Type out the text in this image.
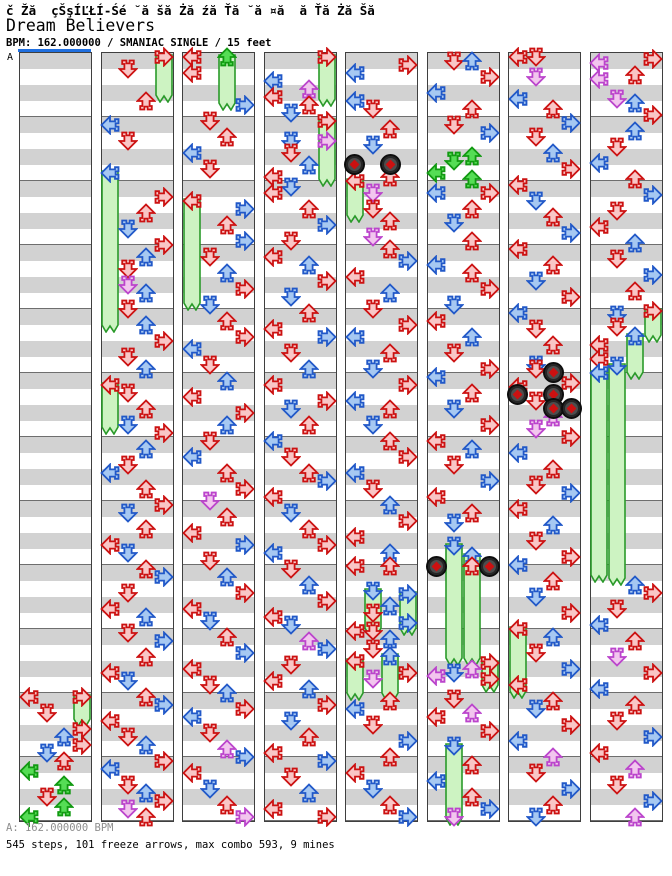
č Žă  çŠşÍĽŁÍ-Śé ˘ă šă Żă źă Ťă ˘ă ¤ă  ă Ťă Żă Šă
Dream Believers
BPM: 162.000000 / SMANIAC SINGLE / 15 feet
A
A: 162.000000 BPM
545 steps, 101 freeze arrows, max combo 593, 9 mines
